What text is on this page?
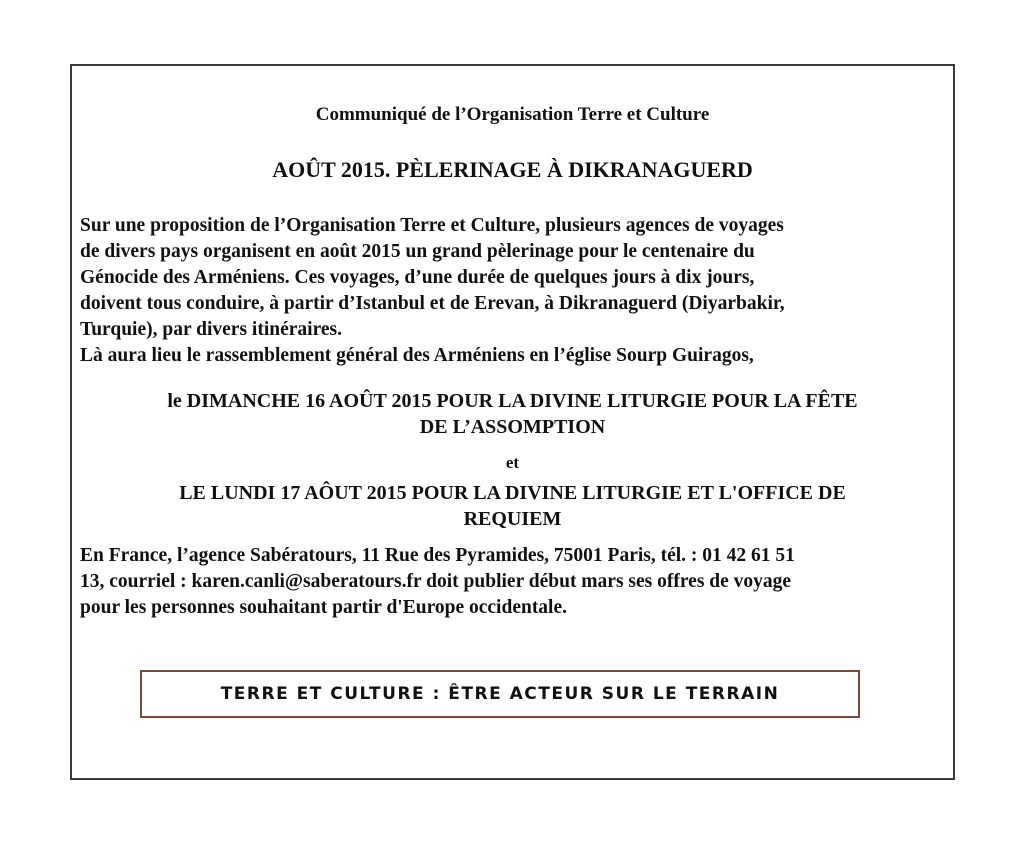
Communiqué de l’Organisation Terre et Culture
AOÛT 2015. PÈLERINAGE À DIKRANAGUERD

Sur une proposition de l’Organisation Terre et Culture, plusieurs agences de voyages
de divers pays organisent en août 2015 un grand pèlerinage pour le centenaire du
Génocide des Arméniens. Ces voyages, d’une durée de quelques jours à dix jours,
doivent tous conduire, à partir d’Istanbul et de Erevan, à Dikranaguerd (Diyarbakir,
Turquie), par divers itinéraires.
Là aura lieu le rassemblement général des Arméniens en l’église Sourp Guiragos,

le DIMANCHE 16 AOÛT 2015 POUR LA DIVINE LITURGIE POUR LA FÊTE
DE L’ASSOMPTION

et

LE LUNDI 17 AÔUT 2015 POUR LA DIVINE LITURGIE ET L'OFFICE DE
REQUIEM

En France, l’agence Sabératours, 11 Rue des Pyramides, 75001 Paris, tél. : 01 42 61 51
13, courriel : karen.canli@saberatours.fr doit publier début mars ses offres de voyage
pour les personnes souhaitant partir d'Europe occidentale.

TERRE ET CULTURE : ÊTRE ACTEUR SUR LE TERRAIN
